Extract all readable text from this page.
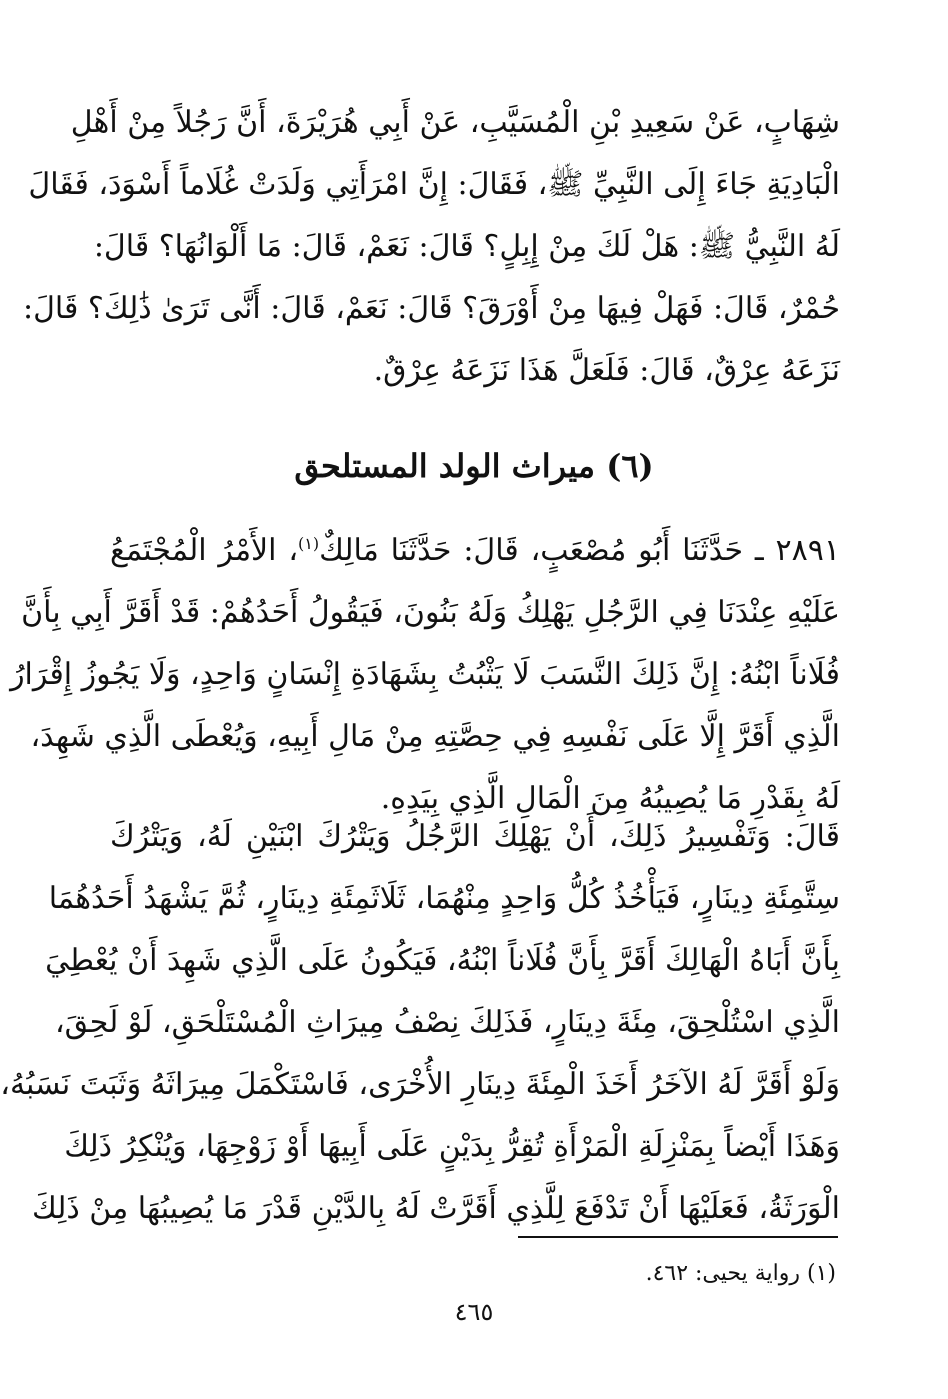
شِهَابٍ، عَنْ سَعِيدِ بْنِ الْمُسَيَّبِ، عَنْ أَبِي هُرَيْرَةَ، أَنَّ رَجُلاً مِنْ أَهْلِ
الْبَادِيَةِ جَاءَ إِلَى النَّبِيِّ ﷺ، فَقَالَ: إِنَّ امْرَأَتِي وَلَدَتْ غُلَاماً أَسْوَدَ، فَقَالَ
لَهُ النَّبِيُّ ﷺ: هَلْ لَكَ مِنْ إِبِلٍ؟ قَالَ: نَعَمْ، قَالَ: مَا أَلْوَانُهَا؟ قَالَ:
حُمْرٌ، قَالَ: فَهَلْ فِيهَا مِنْ أَوْرَقَ؟ قَالَ: نَعَمْ، قَالَ: أَنَّى تَرَىٰ ذَٰلِكَ؟ قَالَ:
نَزَعَهُ عِرْقٌ، قَالَ: فَلَعَلَّ هَذَا نَزَعَهُ عِرْقٌ.
(٦) ميراث الولد المستلحق
٢٨٩١ ـ حَدَّثَنَا أَبُو مُصْعَبٍ، قَالَ: حَدَّثَنَا مَالِكٌ$^{(١)}$، الأَمْرُ الْمُجْتَمَعُ
عَلَيْهِ عِنْدَنَا فِي الرَّجُلِ يَهْلِكُ وَلَهُ بَنُونَ، فَيَقُولُ أَحَدُهُمْ: قَدْ أَقَرَّ أَبِي بِأَنَّ
فُلَاناً ابْنُهُ: إِنَّ ذَلِكَ النَّسَبَ لَا يَثْبُتُ بِشَهَادَةِ إِنْسَانٍ وَاحِدٍ، وَلَا يَجُوزُ إِقْرَارُ
الَّذِي أَقَرَّ إِلَّا عَلَى نَفْسِهِ فِي حِصَّتِهِ مِنْ مَالِ أَبِيهِ، وَيُعْطَى الَّذِي شَهِدَ،
لَهُ بِقَدْرِ مَا يُصِيبُهُ مِنَ الْمَالِ الَّذِي بِيَدِهِ.
قَالَ: وَتَفْسِيرُ ذَلِكَ، أَنْ يَهْلِكَ الرَّجُلُ وَيَتْرُكَ ابْنَيْنِ لَهُ، وَيَتْرُكَ
سِتَّمِئَةِ دِينَارٍ، فَيَأْخُذُ كُلُّ وَاحِدٍ مِنْهُمَا، ثَلَاثَمِئَةِ دِينَارٍ، ثُمَّ يَشْهَدُ أَحَدُهُمَا
بِأَنَّ أَبَاهُ الْهَالِكَ أَقَرَّ بِأَنَّ فُلَاناً ابْنُهُ، فَيَكُونُ عَلَى الَّذِي شَهِدَ أَنْ يُعْطِيَ
الَّذِي اسْتُلْحِقَ، مِئَةَ دِينَارٍ، فَذَلِكَ نِصْفُ مِيرَاثِ الْمُسْتَلْحَقِ، لَوْ لَحِقَ،
وَلَوْ أَقَرَّ لَهُ الآخَرُ أَخَذَ الْمِئَةَ دِينَارِ الأُخْرَى، فَاسْتَكْمَلَ مِيرَاثَهُ وَثَبَتَ نَسَبُهُ،
وَهَذَا أَيْضاً بِمَنْزِلَةِ الْمَرْأَةِ تُقِرُّ بِدَيْنٍ عَلَى أَبِيهَا أَوْ زَوْجِهَا، وَيُنْكِرُ ذَلِكَ
الْوَرَثَةُ، فَعَلَيْهَا أَنْ تَدْفَعَ لِلَّذِي أَقَرَّتْ لَهُ بِالدَّيْنِ قَدْرَ مَا يُصِيبُهَا مِنْ ذَلِكَ
(١) رواية يحيى: ٤٦٢.
٤٦٥
